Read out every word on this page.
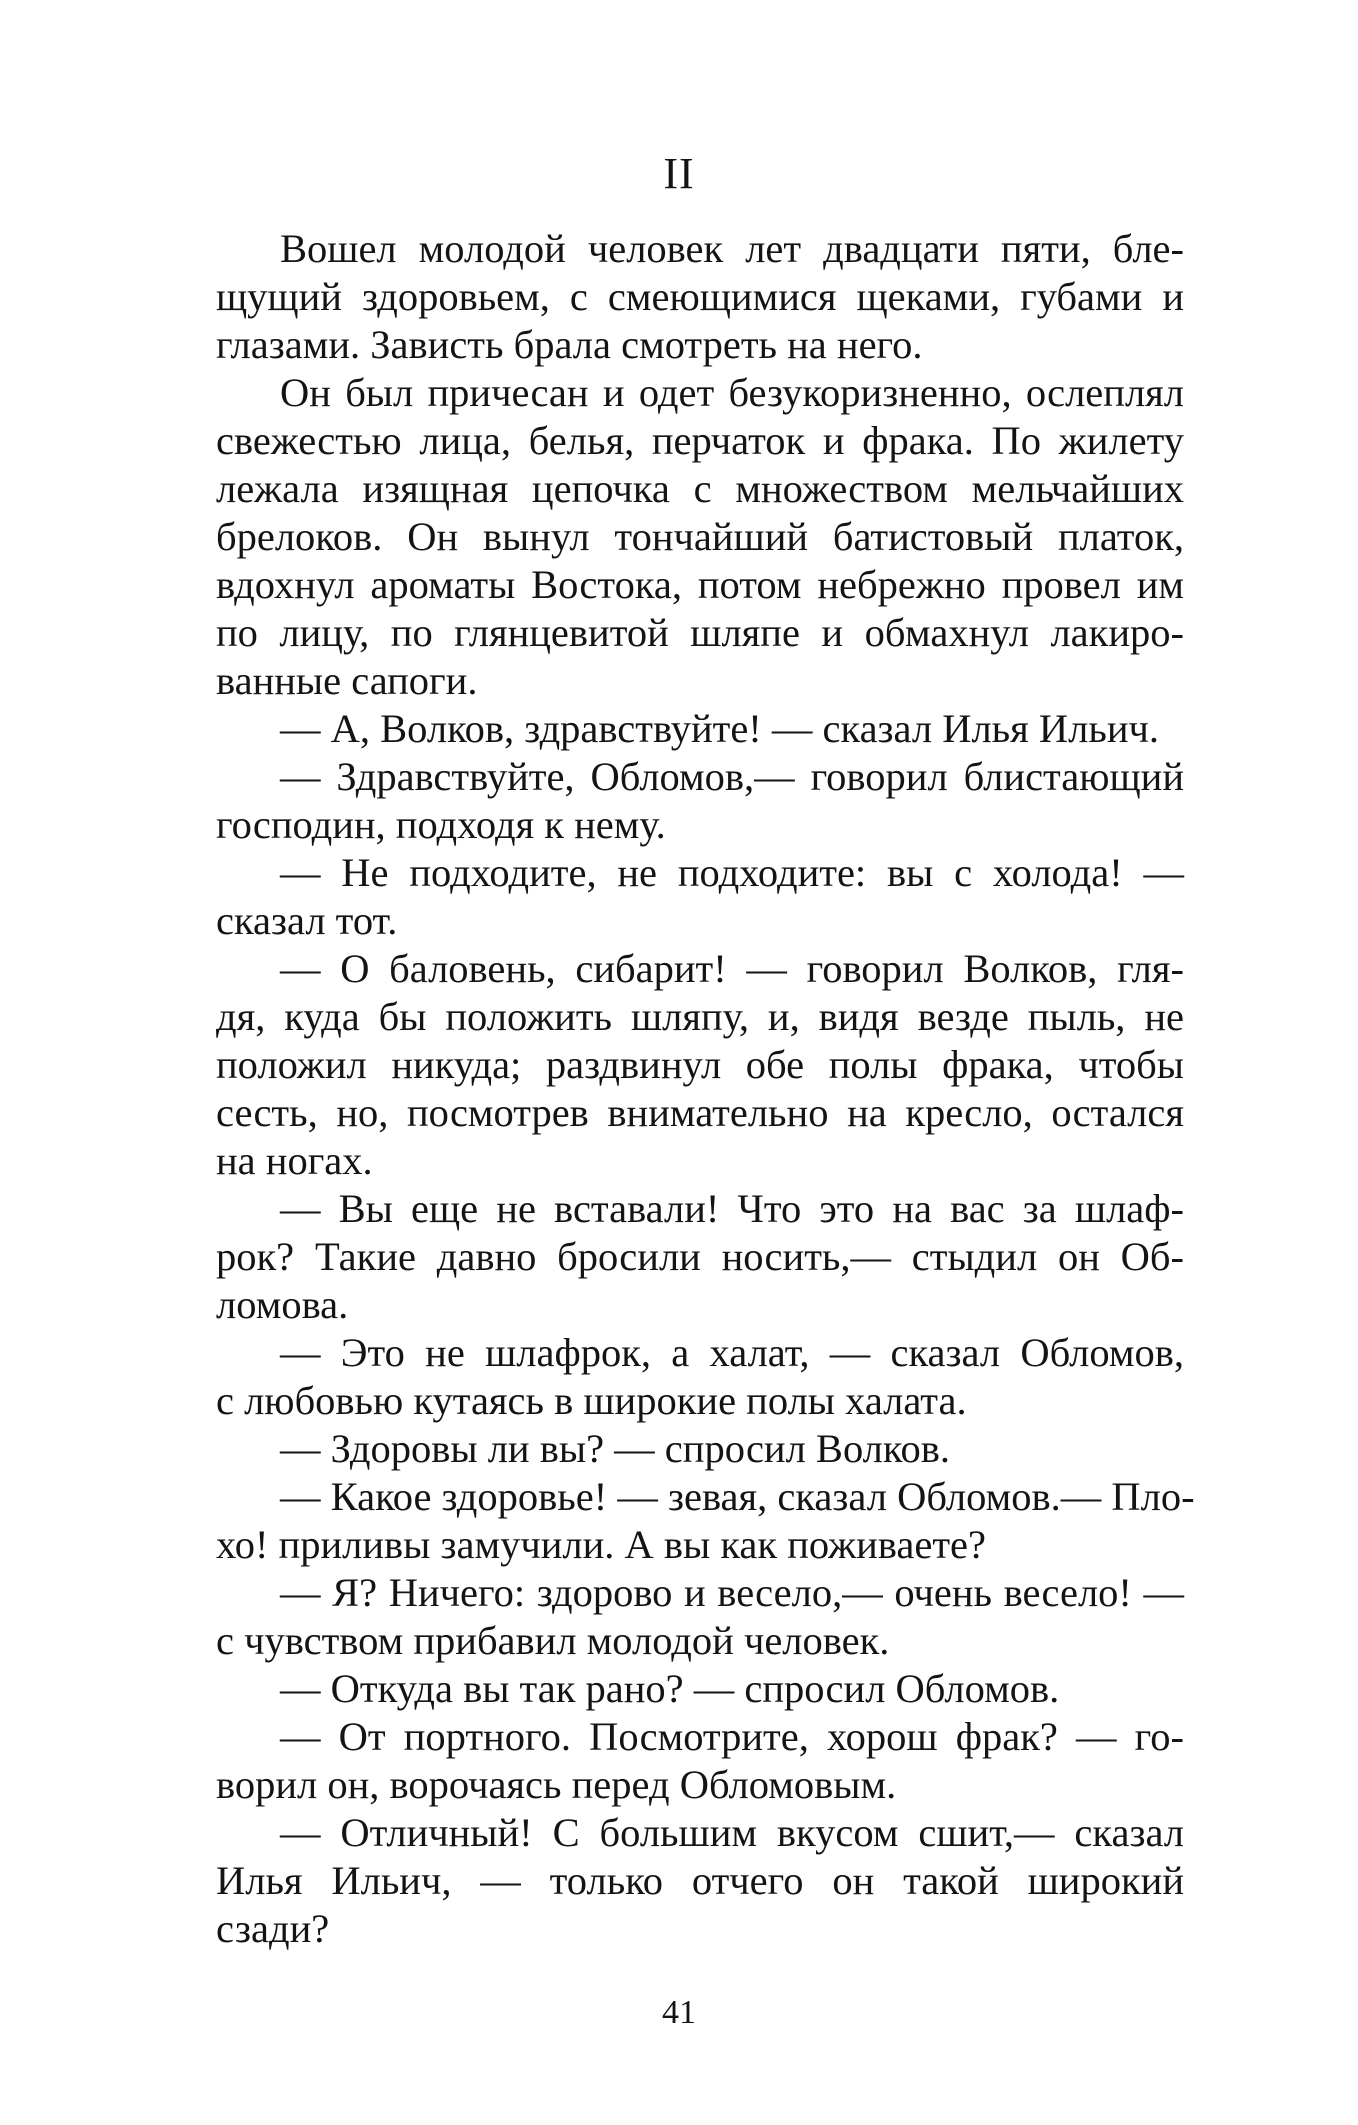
II
Вошел молодой человек лет двадцати пяти, бле-
щущий здоровьем, с смеющимися щеками, губами и
глазами. Зависть брала смотреть на него.
Он был причесан и одет безукоризненно, ослеплял
свежестью лица, белья, перчаток и фрака. По жилету
лежала изящная цепочка с множеством мельчайших
брелоков. Он вынул тончайший батистовый платок,
вдохнул ароматы Востока, потом небрежно провел им
по лицу, по глянцевитой шляпе и обмахнул лакиро-
ванные сапоги.
— А, Волков, здравствуйте! — сказал Илья Ильич.
— Здравствуйте, Обломов,— говорил блистающий
господин, подходя к нему.
— Не подходите, не подходите: вы с холода! —
сказал тот.
— О баловень, сибарит! — говорил Волков, гля-
дя, куда бы положить шляпу, и, видя везде пыль, не
положил никуда; раздвинул обе полы фрака, чтобы
сесть, но, посмотрев внимательно на кресло, остался
на ногах.
— Вы еще не вставали! Что это на вас за шлаф-
рок? Такие давно бросили носить,— стыдил он Об-
ломова.
— Это не шлафрок, а халат, — сказал Обломов,
с любовью кутаясь в широкие полы халата.
— Здоровы ли вы? — спросил Волков.
— Какое здоровье! — зевая, сказал Обломов.— Пло-
хо! приливы замучили. А вы как поживаете?
— Я? Ничего: здорово и весело,— очень весело! —
с чувством прибавил молодой человек.
— Откуда вы так рано? — спросил Обломов.
— От портного. Посмотрите, хорош фрак? — го-
ворил он, ворочаясь перед Обломовым.
— Отличный! С большим вкусом сшит,— сказал
Илья Ильич, — только отчего он такой широкий
сзади?
41
